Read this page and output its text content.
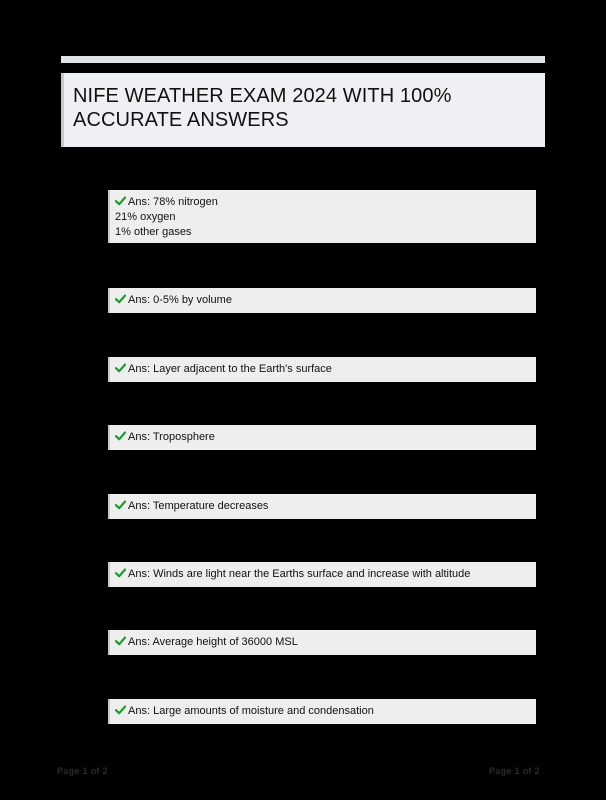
NIFE WEATHER EXAM 2024 WITH 100% ACCURATE ANSWERS
Ans: 78% nitrogen
21% oxygen
1% other gases
Ans: 0-5% by volume
Ans: Layer adjacent to the Earth's surface
Ans: Troposphere
Ans: Temperature decreases
Ans: Winds are light near the Earths surface and increase with altitude
Ans: Average height of 36000 MSL
Ans: Large amounts of moisture and condensation
Page 1 of 2	Page 1 of 2
